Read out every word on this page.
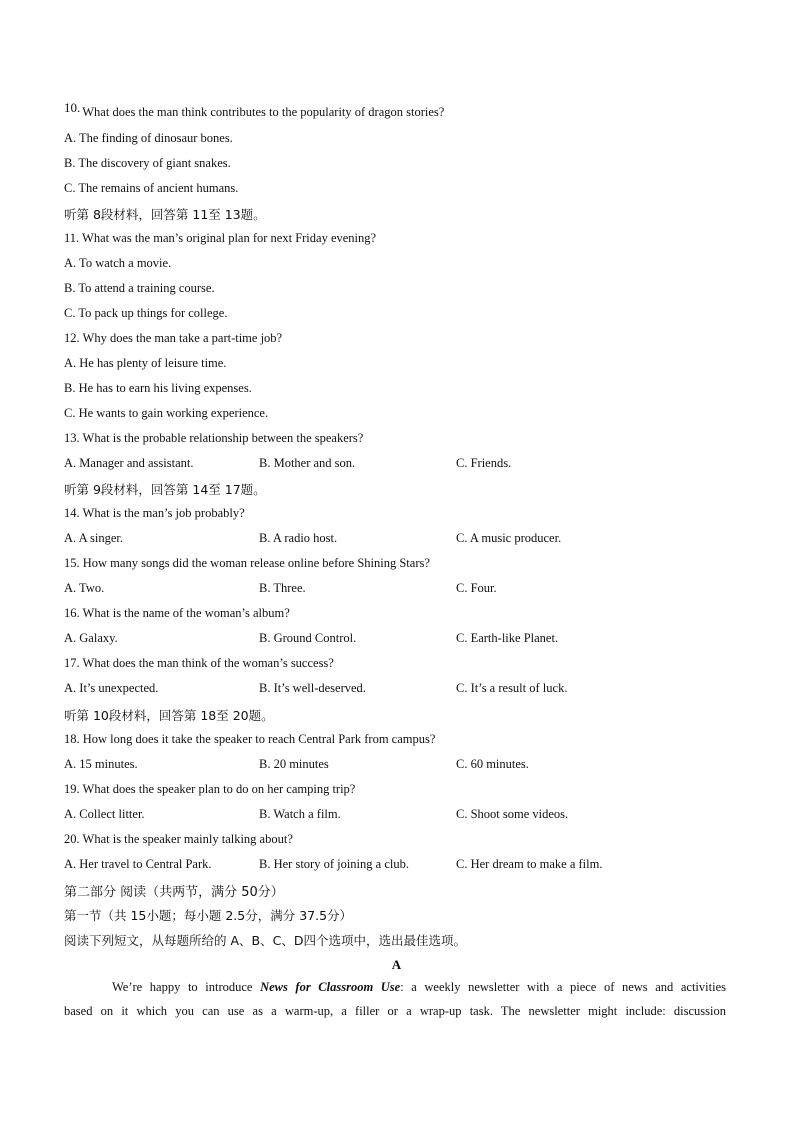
10. What does the man think contributes to the popularity of dragon stories?
A. The finding of dinosaur bones.
B. The discovery of giant snakes.
C. The remains of ancient humans.
听第 8段材料，回答第 11至 13题。
11. What was the man’s original plan for next Friday evening?
A. To watch a movie.
B. To attend a training course.
C. To pack up things for college.
12. Why does the man take a part-time job?
A. He has plenty of leisure time.
B. He has to earn his living expenses.
C. He wants to gain working experience.
13. What is the probable relationship between the speakers?
A. Manager and assistant.	B. Mother and son.	C. Friends.
听第 9段材料，回答第 14至 17题。
14. What is the man’s job probably?
A. A singer.	B. A radio host.	C. A music producer.
15. How many songs did the woman release online before Shining Stars?
A. Two.	B. Three.	C. Four.
16. What is the name of the woman’s album?
A. Galaxy.	B. Ground Control.	C. Earth-like Planet.
17. What does the man think of the woman’s success?
A. It’s unexpected.	B. It’s well-deserved.	C. It’s a result of luck.
听第 10段材料，回答第 18至 20题。
18. How long does it take the speaker to reach Central Park from campus?
A. 15 minutes.	B. 20 minutes	C. 60 minutes.
19. What does the speaker plan to do on her camping trip?
A. Collect litter.	B. Watch a film.	C. Shoot some videos.
20. What is the speaker mainly talking about?
A. Her travel to Central Park.	B. Her story of joining a club.	C. Her dream to make a film.
第二部分 阅读（共两节，满分 50分）
第一节（共 15小题；每小题 2.5分，满分 37.5分）
阅读下列短文，从每题所给的 A、B、C、D四个选项中，选出最佳选项。
A
We’re happy to introduce News for Classroom Use: a weekly newsletter with a piece of news and activities
based on it which you can use as a warm-up, a filler or a wrap-up task. The newsletter might include: discussion
